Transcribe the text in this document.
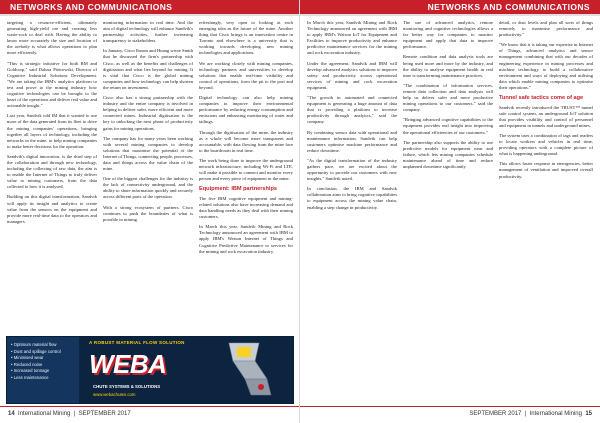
NETWORKS AND COMMUNICATIONS

targeting a resource-efficient, ultimately generating high-yield ore and creating less waste-rock to deal with. Having the ability to know more accurately the size and location of the orebody is what allows operations to plan more efficiently.

"This is strategic initiative for both RM and Goldcorp," said Dalusa Pietrowski, Director of Cognitive Industrial Solutions Development. "We are taking the IBM's analytics platform to test and prove to the mining industry how cognitive technologies can be brought to the heart of the operations and deliver real value and actionable insight."

Last year, Sandvik told IM that it wanted to use more of the data generated from its fleet to drive the mining companies' operations, bringing together all layers of technology, including the networks in the mine, to help mining companies to make better decisions for the operation.

Sandvik's digital innovation, is the third step of the collaboration and through new technology, including the collecting of raw data, the aim is to enable the Internet of Things to truly deliver value to mining customers, from the data collected to how it is analysed.

Building on this digital transformation, Sandvik will apply its insight and analytics to create value from the sensors on the equipment and provide more real-time data to the operators and managers.

monitoring information in real time. And the aim of digital technology will enhance Sandvik's partnership activities, further increasing transparency to stakeholders.

In January, Cisco Iboum and Huang wrote Smith that he discussed the firm's partnership with Cisco, as well as the benefits and challenges of digitisation and what lies beyond for mining. It is vital that Cisco is the global mining companies and how technology can help shorten the return on investment.

Cisco also has a strong partnership with the industry and the entire company is involved in helping to deliver safer, more efficient and more connected mines. Industrial digitisation is the key to unlocking the next phase of productivity gains for mining operations.

The company has for many years been working with several mining companies to develop solutions that maximise the potential of the Internet of Things, connecting people, processes, data and things across the value chain of the mine.

One of the biggest challenges for the industry is the lack of connectivity underground, and the ability to share information quickly and securely across different parts of the operation.

With a strong ecosystem of partners, Cisco continues to push the boundaries of what is possible in mining.

refreshingly, very open to looking at each emerging idea as the future of the mine. Another thing that Cisco brings is an innovation centre in Toronto and elsewhere is a university that is working towards developing new mining technologies and applications.

We are working closely with mining companies, technology partners and universities to develop solutions that enable real-time visibility and control of operations, from the pit to the port and beyond.

Digital technology can also help mining companies to improve their environmental performance by reducing energy consumption and emissions and enhancing monitoring of water and tailings.

Through the digitisation of the mine, the industry as a whole will become more transparent and accountable, with data flowing from the mine face to the boardroom in real time.

The work being done to improve the underground network infrastructure, including Wi-Fi and LTE, will make it possible to connect and monitor every person and every piece of equipment in the mine.

Equipment: IBM partnerships

The five IBM cognitive equipment and mining-related solutions also have increasing demand and data handling needs as they deal with their mining customers.

In March this year, Sandvik Mining and Rock Technology announced an agreement with IBM to apply IBM's Watson Internet of Things and Cognitive Predictive Maintenance to services for the mining and rock excavation industry.

• Optimum material flow
• Dust and spillage control
• Minimised wear
• Reduced noise
• Increased tonnage
• Less maintenance
A ROBUST MATERIAL FLOW SOLUTION
WEBA
CHUTE SYSTEMS & SOLUTIONS
www.webachutes.com
14 International Mining  |  SEPTEMBER 2017
NETWORKS AND COMMUNICATIONS

In March this year, Sandvik Mining and Rock Technology announced an agreement with IBM to apply IBM's Watson IoT for Equipment and Facilities to improve productivity and enhance predictive maintenance services for the mining and rock excavation industry.

Under the agreement, Sandvik and IBM will develop advanced analytics solutions to improve safety and productivity across operational services of mining and rock excavation equipment.

"The growth in automated and connected equipment is generating a huge amount of data that is providing a platform to increase productivity through analytics," said the company.

By combining sensor data with operational and maintenance information, Sandvik can help customers optimise machine performance and reduce downtime.

"As the digital transformation of the industry gathers pace, we are excited about the opportunity to provide our customers with new insights," Sandvik noted.

In conclusion, the IBM and Sandvik collaboration aims to bring cognitive capabilities to equipment across the mining value chain, enabling a step change in productivity.

The use of advanced analytics, remote monitoring and cognitive technologies allows a far better way for companies to monitor equipment and apply that data to improve performance.

Remote condition and data analysis tools are being used more and more by the industry, and the ability to analyse equipment health in real time is transforming maintenance practices.

"The combination of information services, remote data collection and data analysis will help us deliver safer and more productive mining operations to our customers," said the company.

"Bringing advanced cognitive capabilities to the equipment provides real insight into improving the operational efficiencies of our customers."

The partnership also supports the ability to use predictive models for equipment wear and failure, which lets mining companies schedule maintenance ahead of time and reduce unplanned downtime significantly.

detail, or dust levels and plan all sorts of things remotely to maximise performance and productivity."

"We know that it is taking our expertise in Internet of Things, advanced analytics and sensor management combining that with our decades of engineering experience in mining processes and machine technology to build a collaborative environment and ways of deploying and utilising data which enable mining companies to optimise their operations."

Tunnel safe tactics come of age

Sandvik recently introduced the TRUST™ tunnel safe control system, an underground IoT solution that provides visibility and control of personnel and equipment in tunnels and underground mines.

The system uses a combination of tags and readers to locate workers and vehicles in real time, providing operators with a complete picture of what is happening underground.

This allows faster response in emergencies, better management of ventilation and improved overall productivity.

SEPTEMBER 2017  |  International Mining 15
